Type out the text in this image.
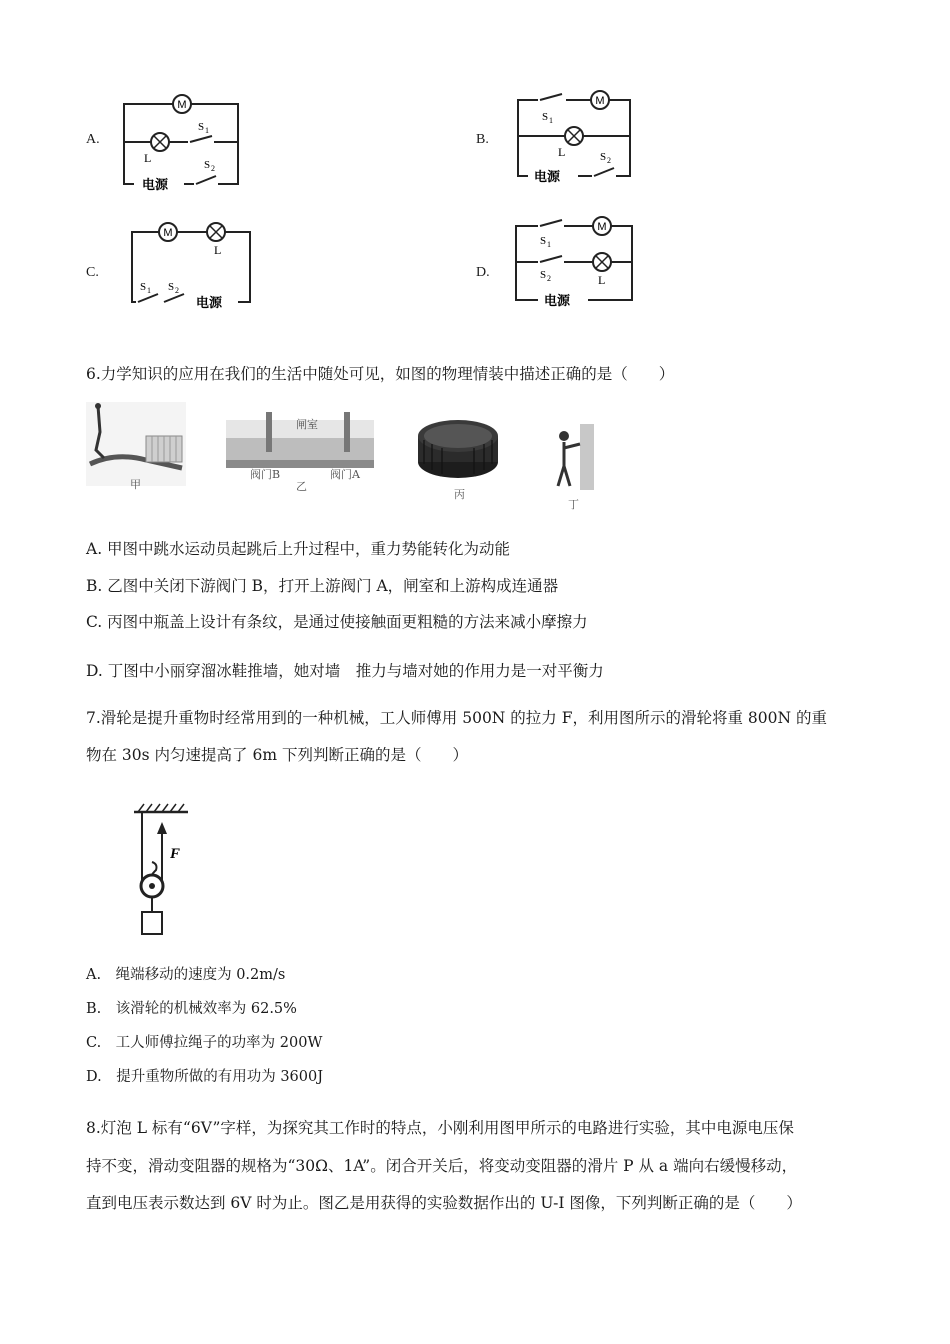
A.
M
L
S 1
S 2
电源
B.
S 1
M
L	S 2
电源
C.
M
L
S 1 S 2
电源
D.
S 1
M
S 2	L
电源
6.力学知识的应用在我们的生活中随处可见，如图的物理情装中描述正确的是（　　）
甲
闸室
阀门B	阀门A
乙
丙
丁
A. 甲图中跳水运动员起跳后上升过程中，重力势能转化为动能
B. 乙图中关闭下游阀门 B，打开上游阀门 A，闸室和上游构成连通器
C. 丙图中瓶盖上设计有条纹，是通过使接触面更粗糙的方法来减小摩擦力
D. 丁图中小丽穿溜冰鞋推墙，她对墙　推力与墙对她的作用力是一对平衡力
7.滑轮是提升重物时经常用到的一种机械，工人师傅用 500N 的拉力 F，利用图所示的滑轮将重 800N 的重
物在 30s 内匀速提高了 6m 下列判断正确的是（　　）
F
A.　绳端移动的速度为 0.2m/s
B.　该滑轮的机械效率为 62.5%
C.　工人师傅拉绳子的功率为 200W
D.　提升重物所做的有用功为 3600J
8.灯泡 L 标有“6V”字样，为探究其工作时的特点，小刚利用图甲所示的电路进行实验，其中电源电压保
持不变，滑动变阻器的规格为“30Ω、1A”。闭合开关后，将变动变阻器的滑片 P 从 a 端向右缓慢移动，
直到电压表示数达到 6V 时为止。图乙是用获得的实验数据作出的 U-I 图像，下列判断正确的是（　　）
